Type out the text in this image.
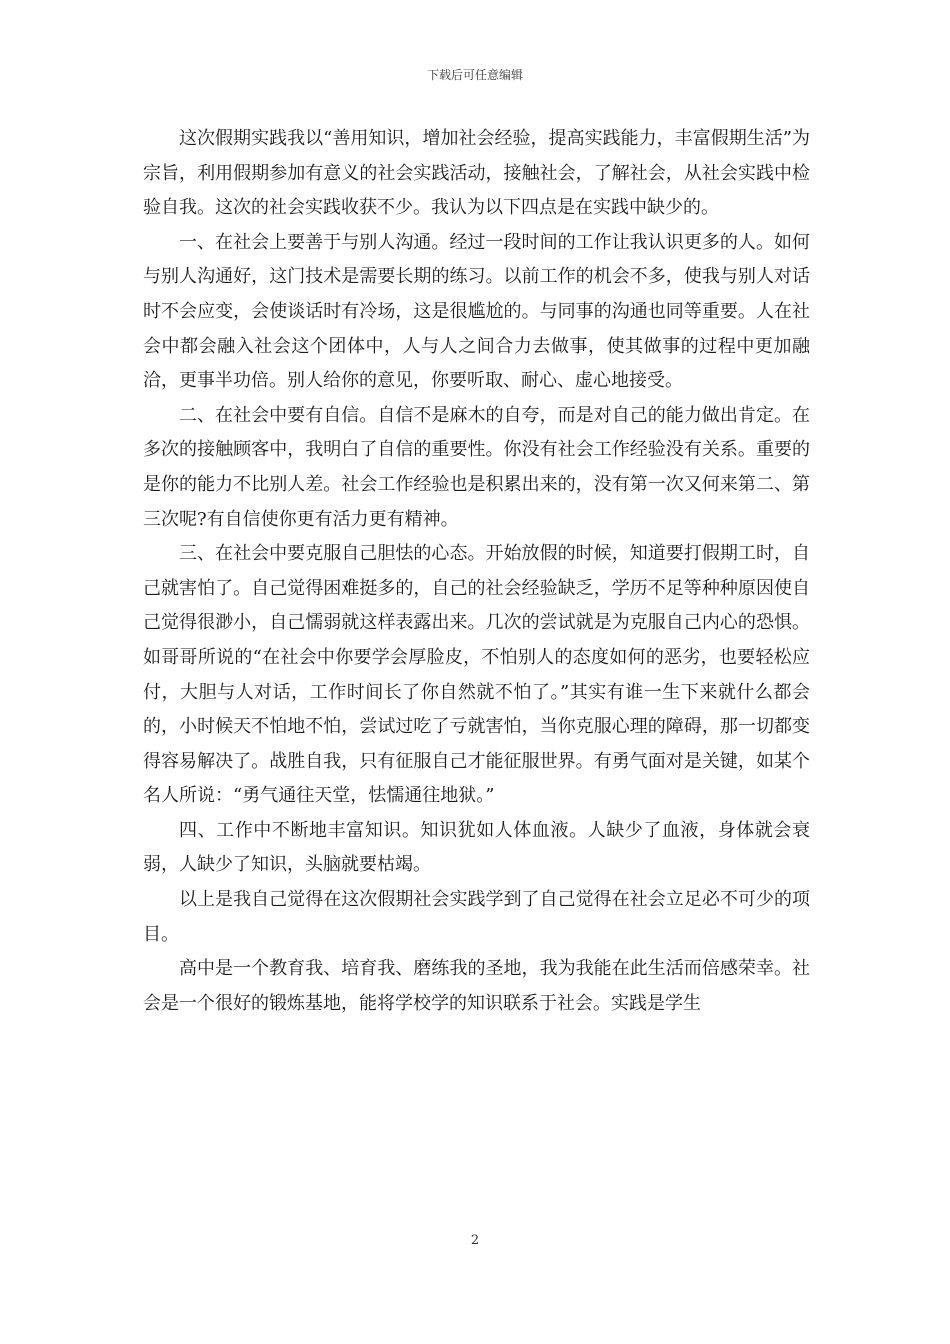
下载后可任意编辑

这次假期实践我以“善用知识，增加社会经验，提高实践能力，丰富假期生活”为宗旨，利用假期参加有意义的社会实践活动，接触社会，了解社会，从社会实践中检验自我。这次的社会实践收获不少。我认为以下四点是在实践中缺少的。

一、在社会上要善于与别人沟通。经过一段时间的工作让我认识更多的人。如何与别人沟通好，这门技术是需要长期的练习。以前工作的机会不多，使我与别人对话时不会应变，会使谈话时有冷场，这是很尴尬的。与同事的沟通也同等重要。人在社会中都会融入社会这个团体中，人与人之间合力去做事，使其做事的过程中更加融洽，更事半功倍。别人给你的意见，你要听取、耐心、虚心地接受。

二、在社会中要有自信。自信不是麻木的自夸，而是对自己的能力做出肯定。在多次的接触顾客中，我明白了自信的重要性。你没有社会工作经验没有关系。重要的是你的能力不比别人差。社会工作经验也是积累出来的，没有第一次又何来第二、第三次呢?有自信使你更有活力更有精神。

三、在社会中要克服自己胆怯的心态。开始放假的时候，知道要打假期工时，自己就害怕了。自己觉得困难挺多的，自己的社会经验缺乏，学历不足等种种原因使自己觉得很渺小，自己懦弱就这样表露出来。几次的尝试就是为克服自己内心的恐惧。如哥哥所说的“在社会中你要学会厚脸皮，不怕别人的态度如何的恶劣，也要轻松应付，大胆与人对话，工作时间长了你自然就不怕了。”其实有谁一生下来就什么都会的，小时候天不怕地不怕，尝试过吃了亏就害怕，当你克服心理的障碍，那一切都变得容易解决了。战胜自我，只有征服自己才能征服世界。有勇气面对是关键，如某个名人所说：“勇气通往天堂，怯懦通往地狱。”

四、工作中不断地丰富知识。知识犹如人体血液。人缺少了血液，身体就会衰弱，人缺少了知识，头脑就要枯竭。

以上是我自己觉得在这次假期社会实践学到了自己觉得在社会立足必不可少的项目。

高中是一个教育我、培育我、磨练我的圣地，我为我能在此生活而倍感荣幸。社会是一个很好的锻炼基地，能将学校学的知识联系于社会。实践是学生

2
